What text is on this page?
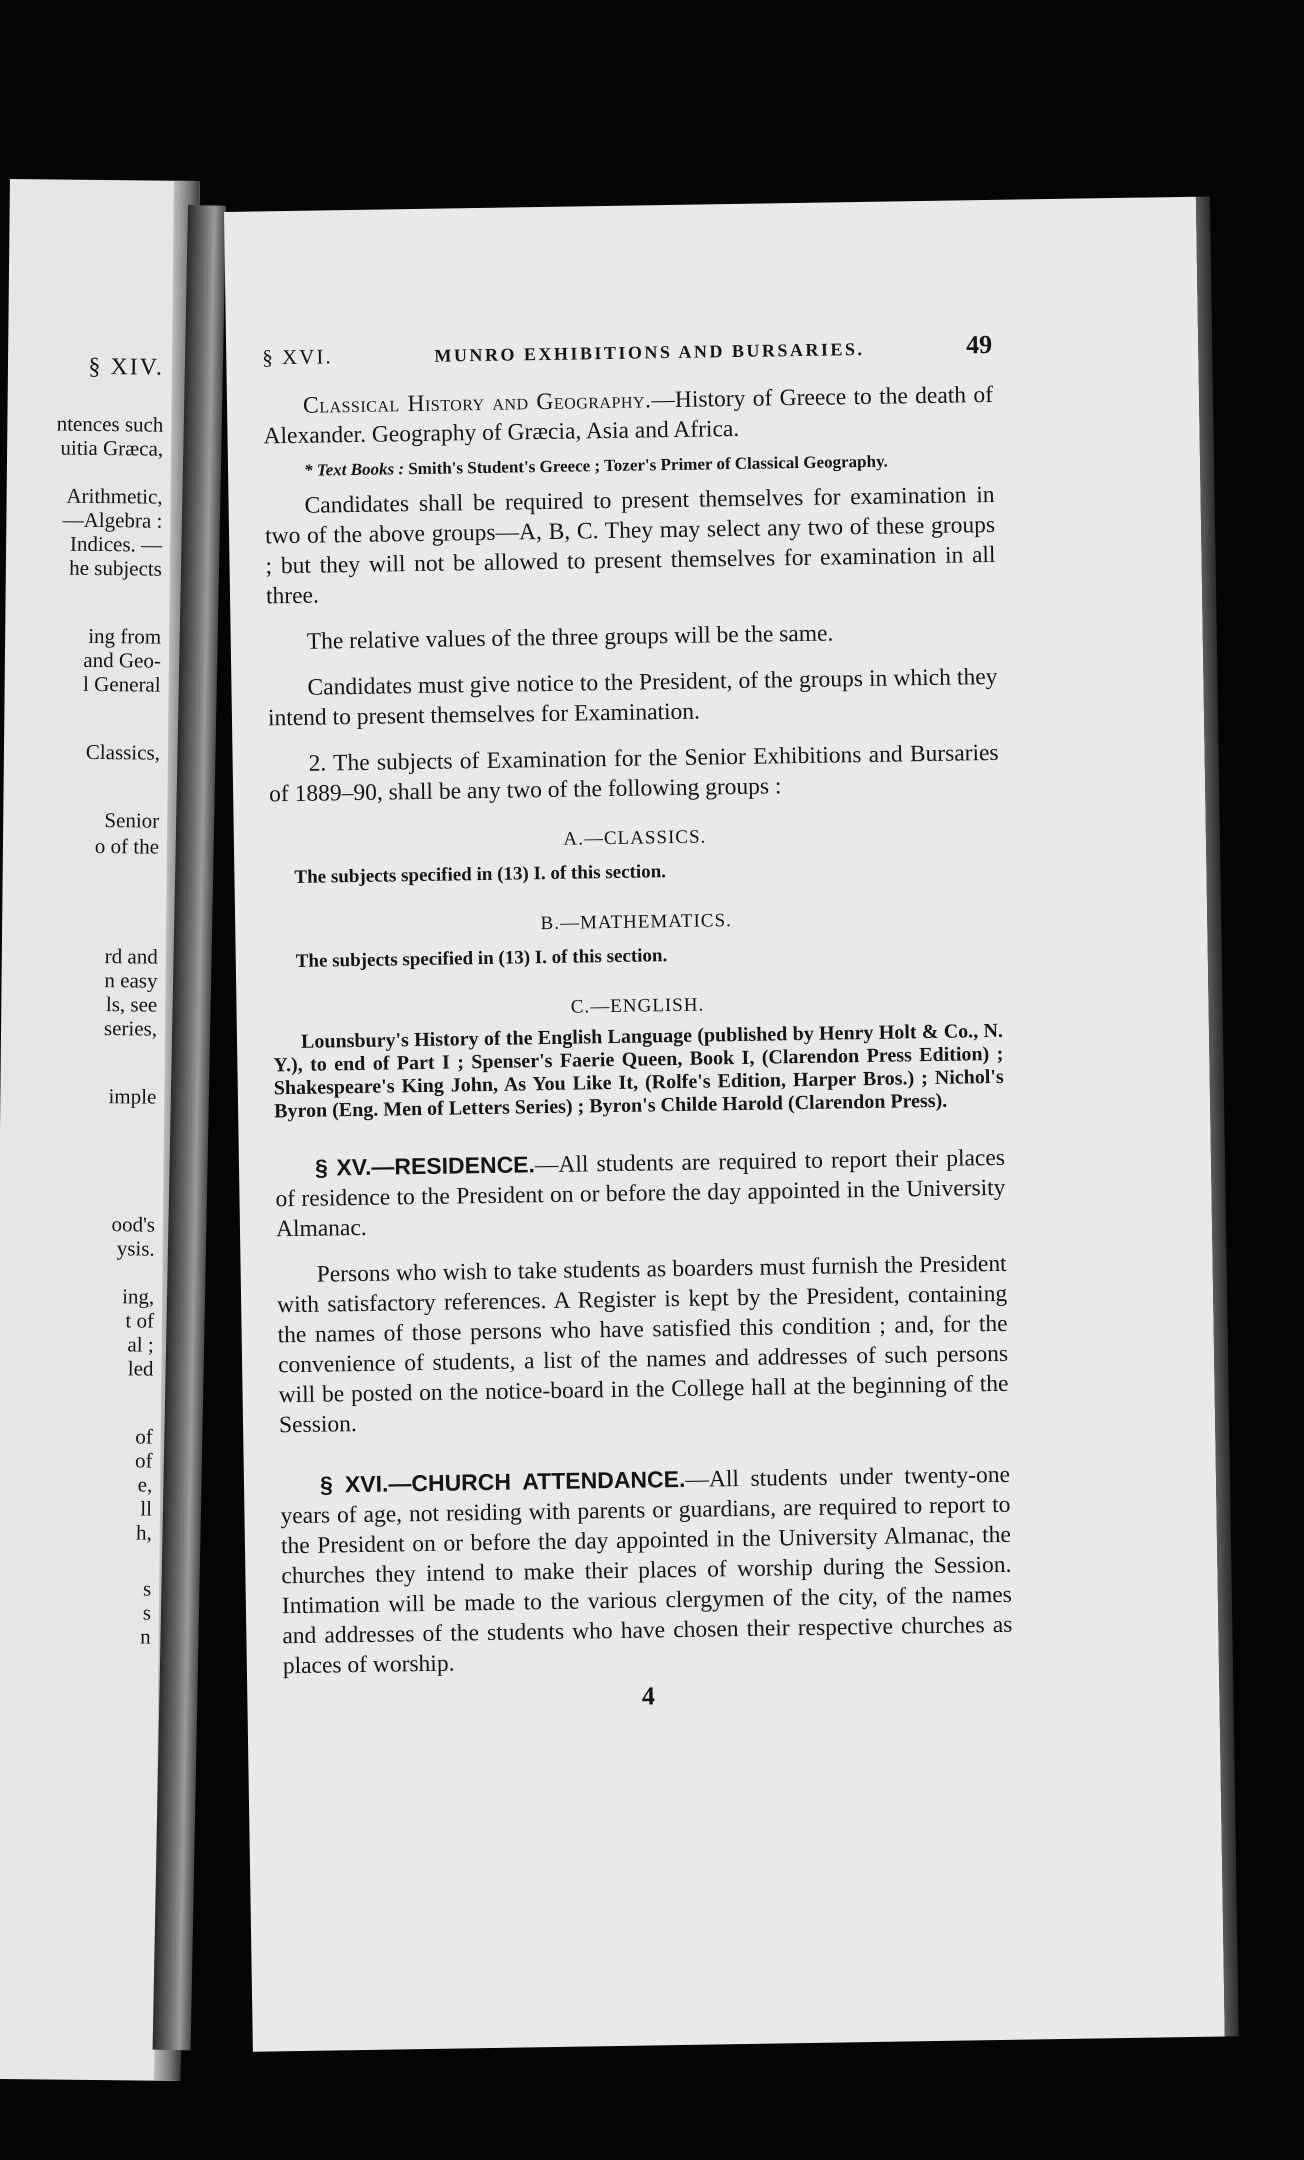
§ XIV.
ntences such
uitia Græca,
Arithmetic,
—Algebra :
Indices. —
he subjects
ing from
and Geo-
l General
Classics,
Senior
o of the
rd and
n easy
ls, see
series,
imple
ood's
ysis.
ing,
t of
al ;
led
of
of
e,
ll
h,
s
s
n
§ XVI.	MUNRO EXHIBITIONS AND BURSARIES.	49

Classical History and Geography.—History of Greece to the death of Alexander. Geography of Græcia, Asia and Africa.

* Text Books : Smith's Student's Greece ; Tozer's Primer of Classical Geography.

Candidates shall be required to present themselves for examination in two of the above groups—A, B, C. They may select any two of these groups ; but they will not be allowed to present themselves for examination in all three.

The relative values of the three groups will be the same.

Candidates must give notice to the President, of the groups in which they intend to present themselves for Examination.

2. The subjects of Examination for the Senior Exhibitions and Bursaries of 1889–90, shall be any two of the following groups :

A.—CLASSICS.

The subjects specified in (13) I. of this section.

B.—MATHEMATICS.

The subjects specified in (13) I. of this section.

C.—ENGLISH.

Lounsbury's History of the English Language (published by Henry Holt & Co., N. Y.), to end of Part I ; Spenser's Faerie Queen, Book I, (Clarendon Press Edition) ; Shakespeare's King John, As You Like It, (Rolfe's Edition, Harper Bros.) ; Nichol's Byron (Eng. Men of Letters Series) ; Byron's Childe Harold (Clarendon Press).

§ XV.—RESIDENCE.—All students are required to report their places of residence to the President on or before the day appointed in the University Almanac.

Persons who wish to take students as boarders must furnish the President with satisfactory references. A Register is kept by the President, containing the names of those persons who have satisfied this condition ; and, for the convenience of students, a list of the names and addresses of such persons will be posted on the notice-board in the College hall at the beginning of the Session.

§ XVI.—CHURCH ATTENDANCE.—All students under twenty-one years of age, not residing with parents or guardians, are required to report to the President on or before the day appointed in the University Almanac, the churches they intend to make their places of worship during the Session. Intimation will be made to the various clergymen of the city, of the names and addresses of the students who have chosen their respective churches as places of worship.

4
